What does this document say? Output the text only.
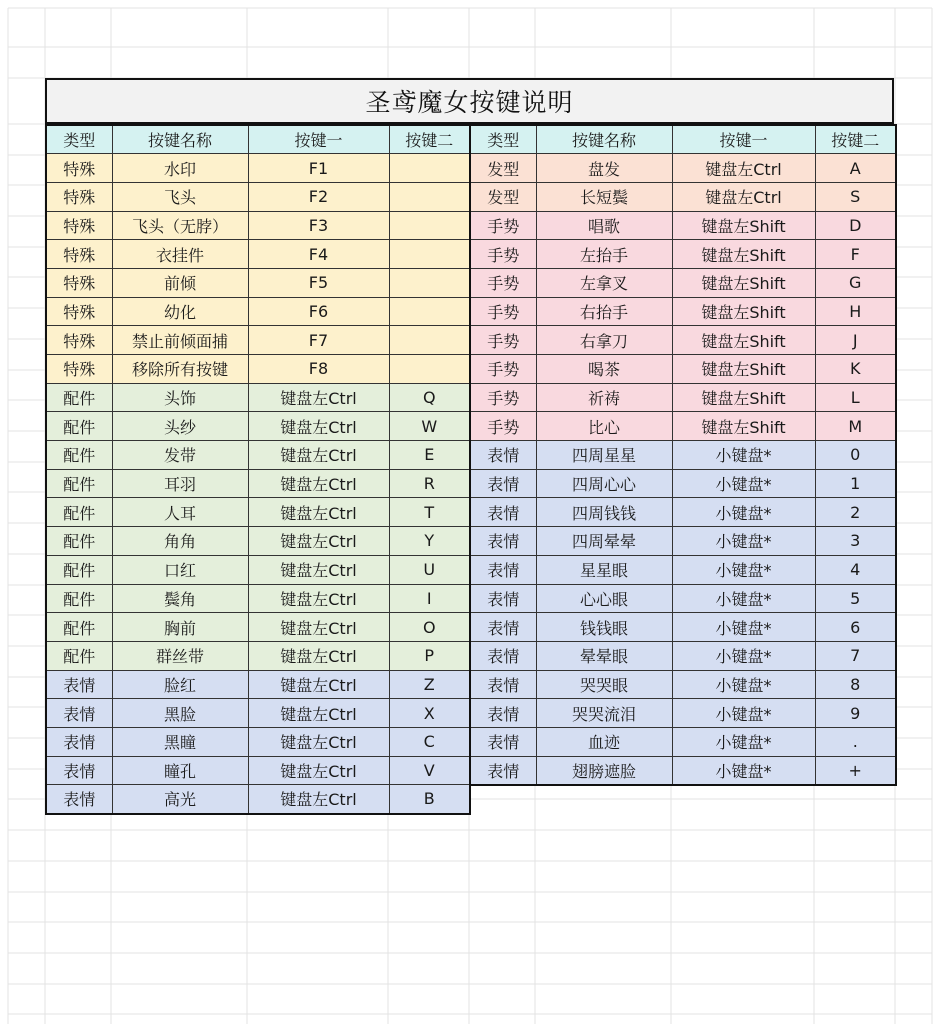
圣鸢魔女按键说明
类型	按键名称	按键一	按键二
特殊	水印	F1	
特殊	飞头	F2	
特殊	飞头（无脖）	F3	
特殊	衣挂件	F4	
特殊	前倾	F5	
特殊	幼化	F6	
特殊	禁止前倾面捕	F7	
特殊	移除所有按键	F8	
配件	头饰	键盘左Ctrl	Q
配件	头纱	键盘左Ctrl	W
配件	发带	键盘左Ctrl	E
配件	耳羽	键盘左Ctrl	R
配件	人耳	键盘左Ctrl	T
配件	角角	键盘左Ctrl	Y
配件	口红	键盘左Ctrl	U
配件	鬓角	键盘左Ctrl	I
配件	胸前	键盘左Ctrl	O
配件	群丝带	键盘左Ctrl	P
表情	脸红	键盘左Ctrl	Z
表情	黑脸	键盘左Ctrl	X
表情	黑瞳	键盘左Ctrl	C
表情	瞳孔	键盘左Ctrl	V
表情	高光	键盘左Ctrl	B
类型	按键名称	按键一	按键二
发型	盘发	键盘左Ctrl	A
发型	长短鬓	键盘左Ctrl	S
手势	唱歌	键盘左Shift	D
手势	左抬手	键盘左Shift	F
手势	左拿叉	键盘左Shift	G
手势	右抬手	键盘左Shift	H
手势	右拿刀	键盘左Shift	J
手势	喝茶	键盘左Shift	K
手势	祈祷	键盘左Shift	L
手势	比心	键盘左Shift	M
表情	四周星星	小键盘*	0
表情	四周心心	小键盘*	1
表情	四周钱钱	小键盘*	2
表情	四周晕晕	小键盘*	3
表情	星星眼	小键盘*	4
表情	心心眼	小键盘*	5
表情	钱钱眼	小键盘*	6
表情	晕晕眼	小键盘*	7
表情	哭哭眼	小键盘*	8
表情	哭哭流泪	小键盘*	9
表情	血迹	小键盘*	.
表情	翅膀遮脸	小键盘*	+
